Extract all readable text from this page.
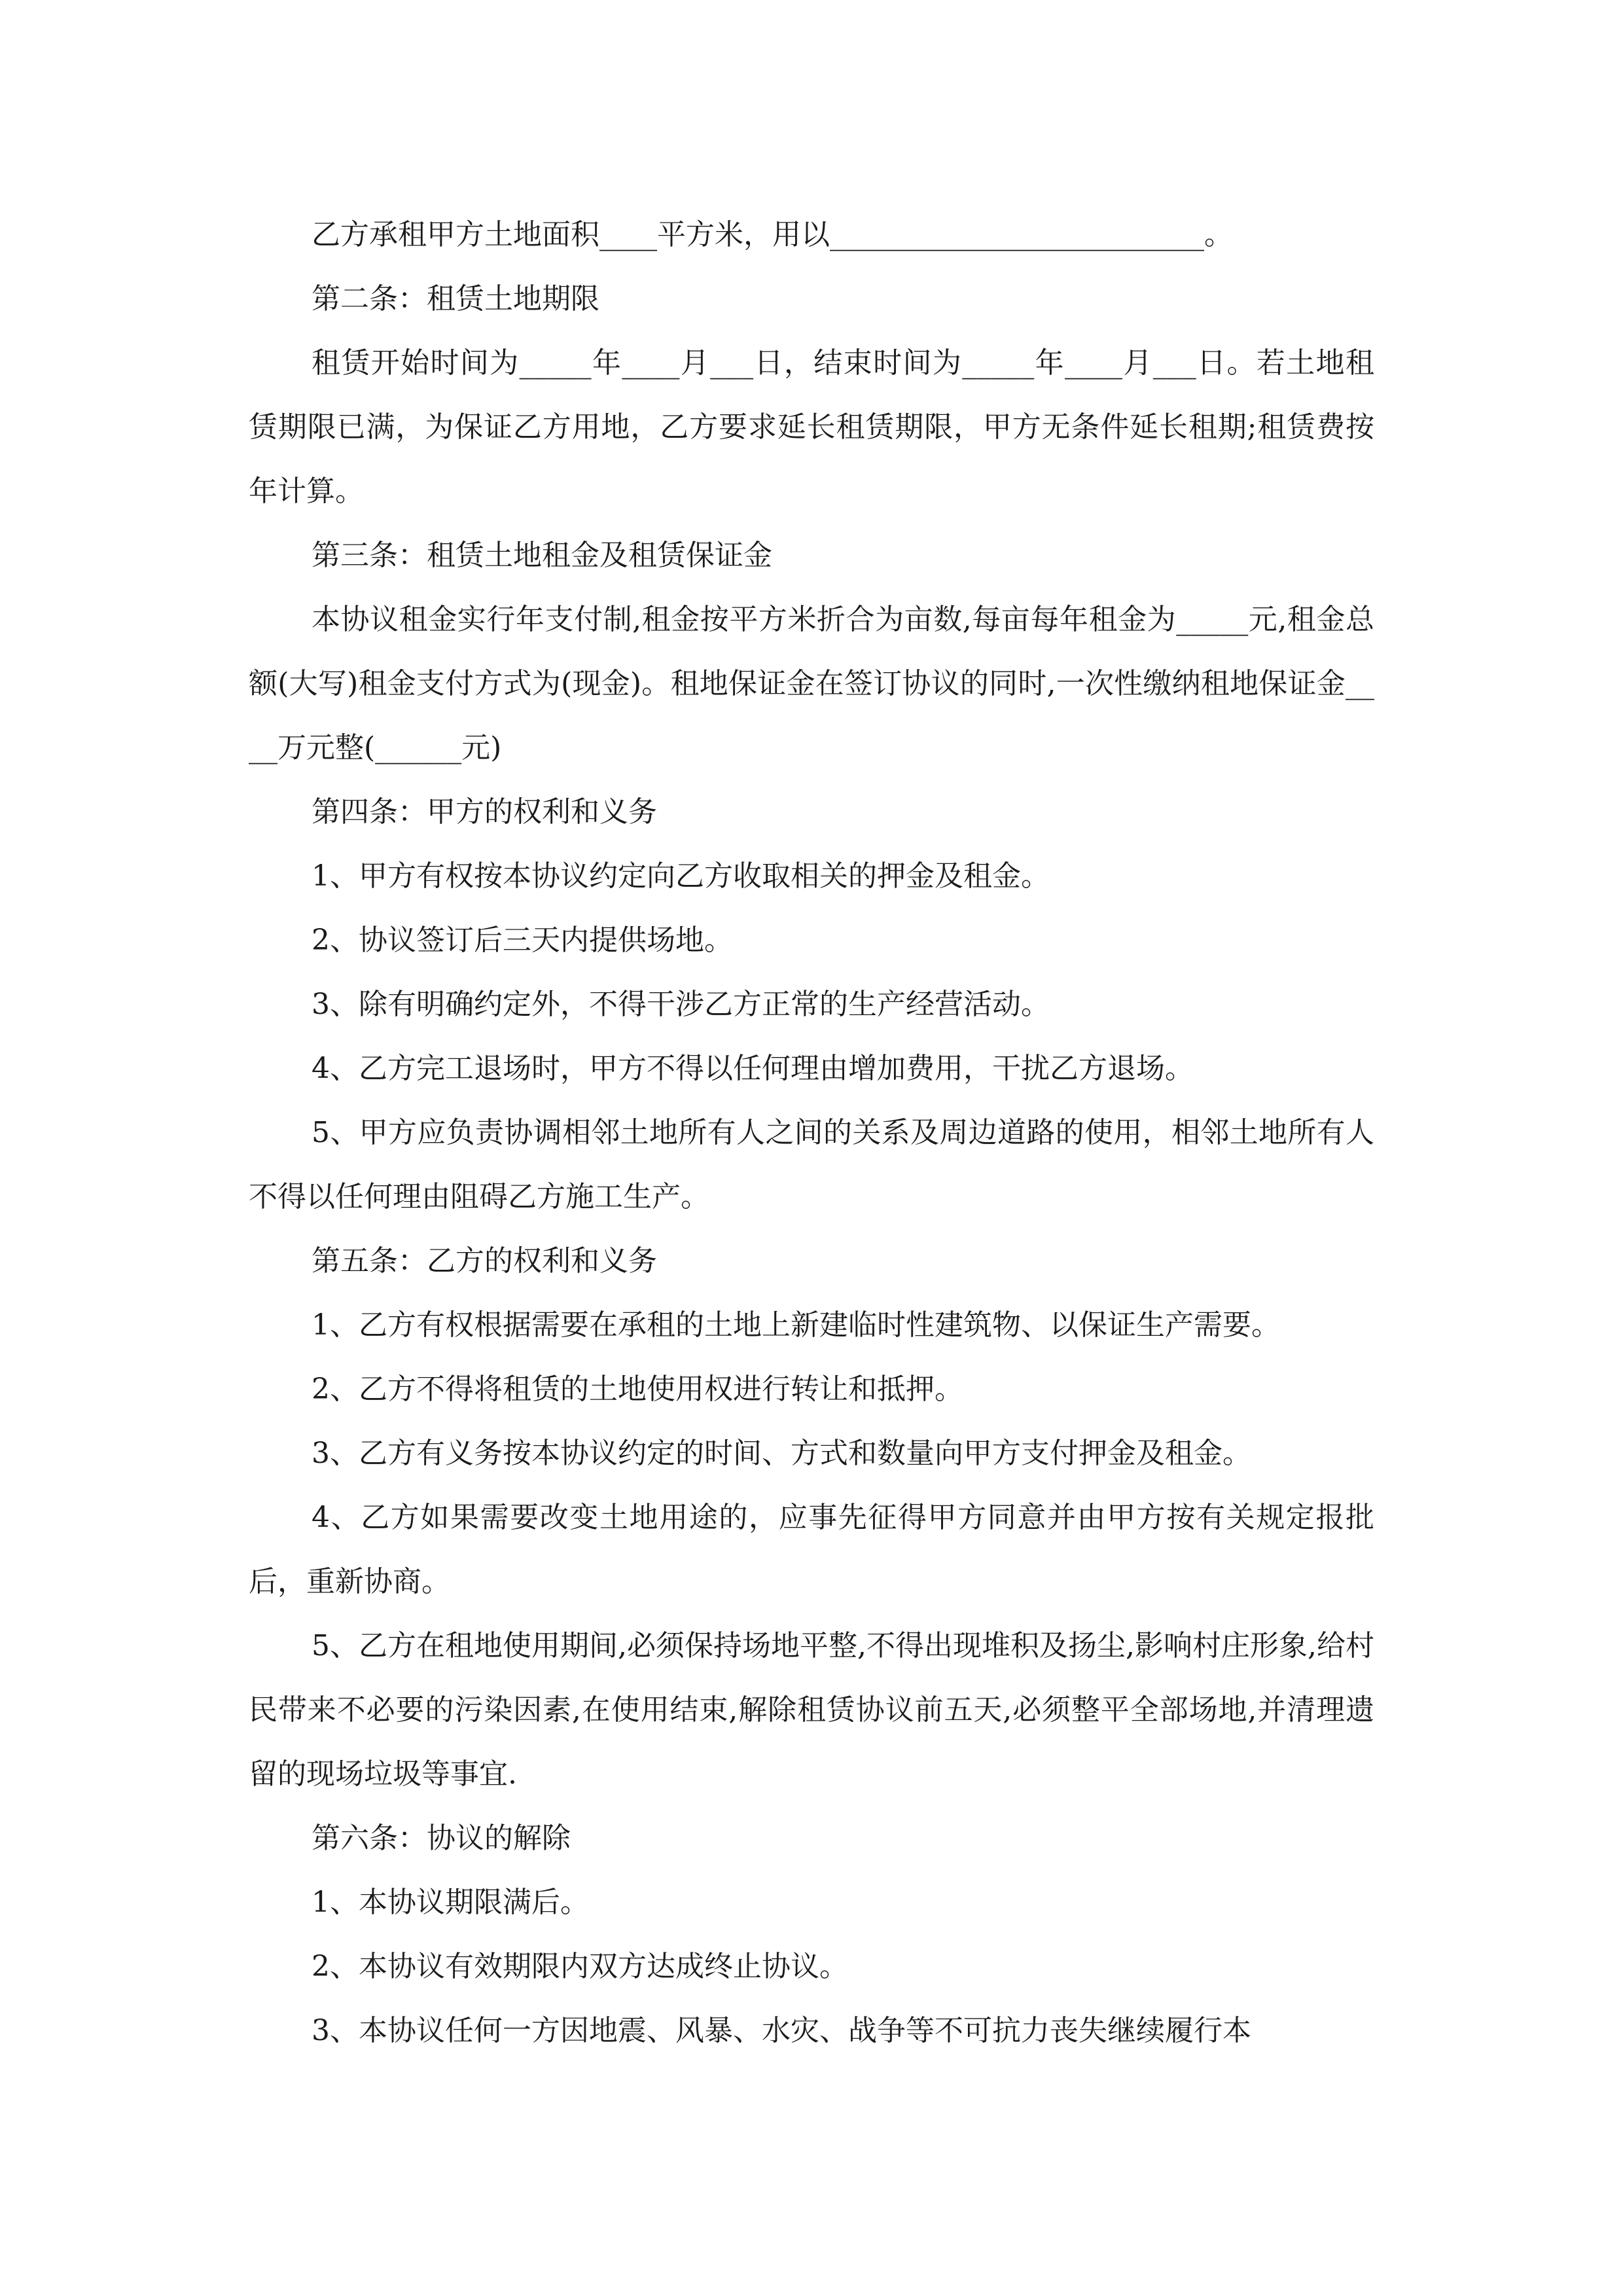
乙方承租甲方土地面积____平方米，用以__________________________。

第二条：租赁土地期限

租赁开始时间为_____年____月___日，结束时间为_____年____月___日。若土地租赁期限已满，为保证乙方用地，乙方要求延长租赁期限，甲方无条件延长租期;租赁费按年计算。

第三条：租赁土地租金及租赁保证金

本协议租金实行年支付制,租金按平方米折合为亩数,每亩每年租金为_____元,租金总额(大写)租金支付方式为(现金)。租地保证金在签订协议的同时,一次性缴纳租地保证金____万元整(______元)

第四条：甲方的权利和义务

1、甲方有权按本协议约定向乙方收取相关的押金及租金。

2、协议签订后三天内提供场地。

3、除有明确约定外，不得干涉乙方正常的生产经营活动。

4、乙方完工退场时，甲方不得以任何理由增加费用，干扰乙方退场。

5、甲方应负责协调相邻土地所有人之间的关系及周边道路的使用，相邻土地所有人不得以任何理由阻碍乙方施工生产。

第五条：乙方的权利和义务

1、乙方有权根据需要在承租的土地上新建临时性建筑物、以保证生产需要。

2、乙方不得将租赁的土地使用权进行转让和抵押。

3、乙方有义务按本协议约定的时间、方式和数量向甲方支付押金及租金。

4、乙方如果需要改变土地用途的，应事先征得甲方同意并由甲方按有关规定报批后，重新协商。

5、乙方在租地使用期间,必须保持场地平整,不得出现堆积及扬尘,影响村庄形象,给村民带来不必要的污染因素,在使用结束,解除租赁协议前五天,必须整平全部场地,并清理遗留的现场垃圾等事宜.

第六条：协议的解除

1、本协议期限满后。

2、本协议有效期限内双方达成终止协议。

3、本协议任何一方因地震、风暴、水灾、战争等不可抗力丧失继续履行本
